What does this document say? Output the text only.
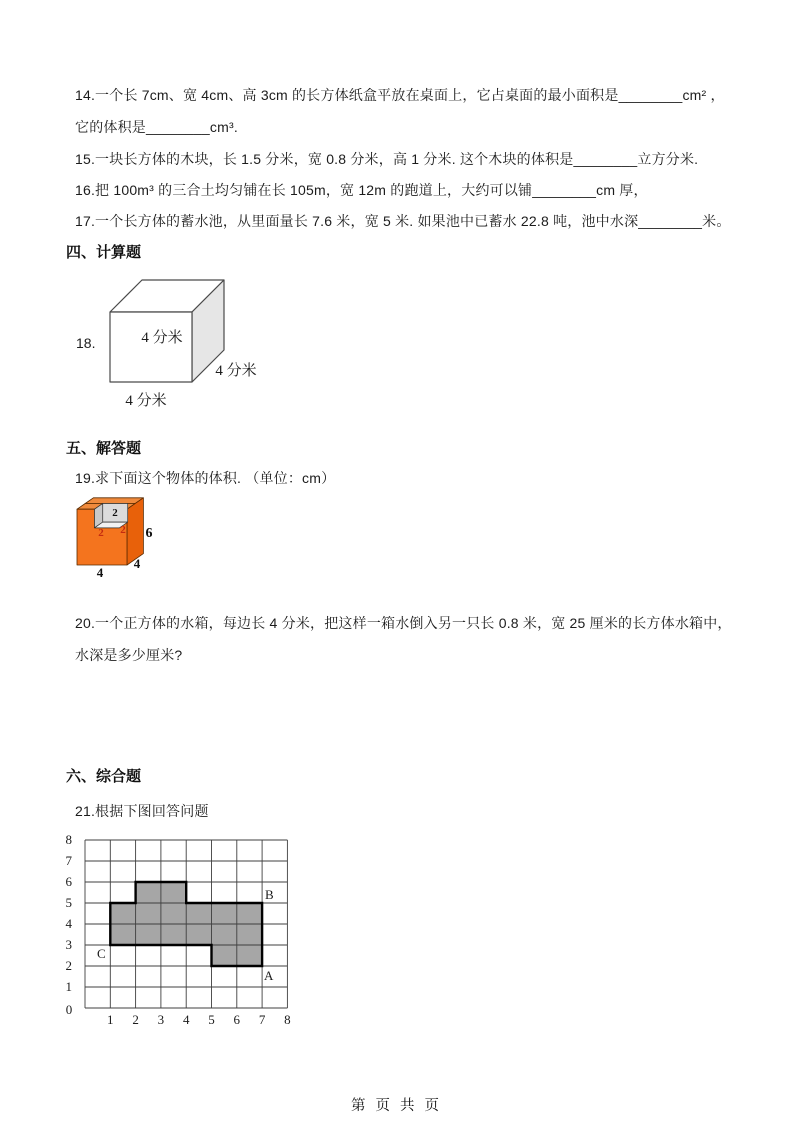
14.一个长 7cm、宽 4cm、高 3cm 的长方体纸盒平放在桌面上，它占桌面的最小面积是________cm² ，
它的体积是________cm³.
15.一块长方体的木块，长 1.5 分米，宽 0.8 分米，高 1 分米. 这个木块的体积是________立方分米.
16.把 100m³ 的三合土均匀铺在长 105m，宽 12m 的跑道上，大约可以铺________cm 厚，
17.一个长方体的蓄水池，从里面量长 7.6 米，宽 5 米. 如果池中已蓄水 22.8 吨，池中水深________米。
四、计算题
18.	4 分米
4 分米
4 分米
五、解答题
19.求下面这个物体的体积. （单位：cm）
2
2 2 6
4
4
20.一个正方体的水箱，每边长 4 分米，把这样一箱水倒入另一只长 0.8 米，宽 25 厘米的长方体水箱中，
水深是多少厘米?
六、综合题
21.根据下图回答问题
8
7
6
5
4
3
2
1
0
1 2 3 4 5 6 7 8
B
A
C
第 页 共 页
